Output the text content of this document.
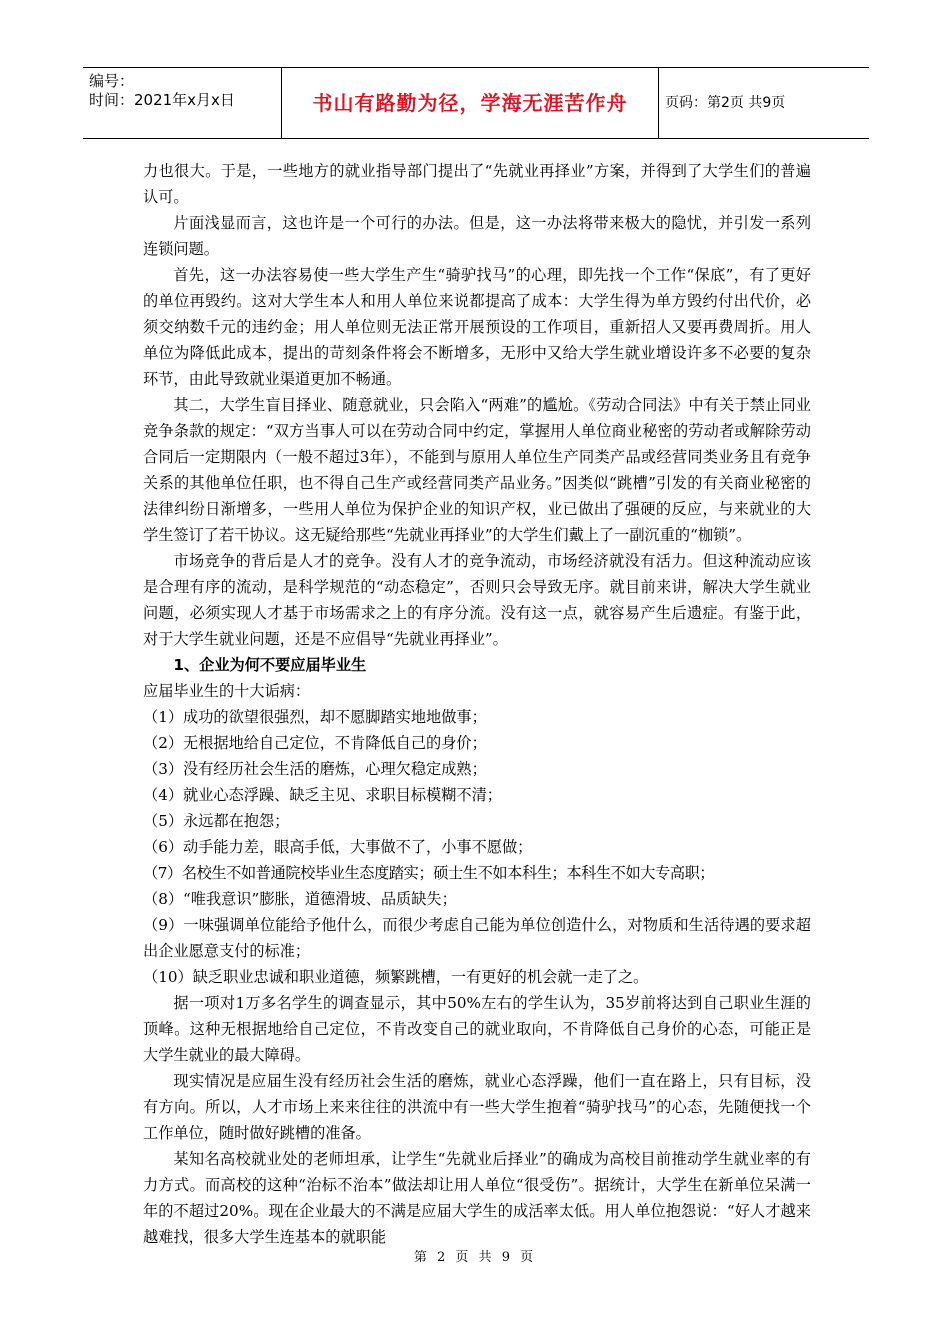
编号：
时间：2021年x月x日	书山有路勤为径，学海无涯苦作舟	页码：第2页 共9页

力也很大。于是，一些地方的就业指导部门提出了“先就业再择业”方案，并得到了大学生们的普遍认可。

片面浅显而言，这也许是一个可行的办法。但是，这一办法将带来极大的隐忧，并引发一系列连锁问题。

首先，这一办法容易使一些大学生产生“骑驴找马”的心理，即先找一个工作“保底”，有了更好的单位再毁约。这对大学生本人和用人单位来说都提高了成本：大学生得为单方毁约付出代价，必须交纳数千元的违约金；用人单位则无法正常开展预设的工作项目，重新招人又要再费周折。用人单位为降低此成本，提出的苛刻条件将会不断增多，无形中又给大学生就业增设许多不必要的复杂环节，由此导致就业渠道更加不畅通。

其二，大学生盲目择业、随意就业，只会陷入“两难”的尴尬。《劳动合同法》中有关于禁止同业竞争条款的规定：“双方当事人可以在劳动合同中约定，掌握用人单位商业秘密的劳动者或解除劳动合同后一定期限内（一般不超过3年），不能到与原用人单位生产同类产品或经营同类业务且有竞争关系的其他单位任职，也不得自己生产或经营同类产品业务。”因类似“跳槽”引发的有关商业秘密的法律纠纷日渐增多，一些用人单位为保护企业的知识产权，业已做出了强硬的反应，与来就业的大学生签订了若干协议。这无疑给那些“先就业再择业”的大学生们戴上了一副沉重的“枷锁”。

市场竞争的背后是人才的竞争。没有人才的竞争流动，市场经济就没有活力。但这种流动应该是合理有序的流动，是科学规范的“动态稳定”，否则只会导致无序。就目前来讲，解决大学生就业问题，必须实现人才基于市场需求之上的有序分流。没有这一点，就容易产生后遗症。有鉴于此，对于大学生就业问题，还是不应倡导“先就业再择业”。

1、企业为何不要应届毕业生

应届毕业生的十大诟病：

（1）成功的欲望很强烈，却不愿脚踏实地地做事；

（2）无根据地给自己定位，不肯降低自己的身价；

（3）没有经历社会生活的磨炼，心理欠稳定成熟；

（4）就业心态浮躁、缺乏主见、求职目标模糊不清；

（5）永远都在抱怨；

（6）动手能力差，眼高手低，大事做不了，小事不愿做；

（7）名校生不如普通院校毕业生态度踏实；硕士生不如本科生；本科生不如大专高职；

（8）“唯我意识”膨胀，道德滑坡、品质缺失；

（9）一味强调单位能给予他什么，而很少考虑自己能为单位创造什么，对物质和生活待遇的要求超出企业愿意支付的标准；

（10）缺乏职业忠诚和职业道德，频繁跳槽，一有更好的机会就一走了之。

据一项对1万多名学生的调查显示，其中50%左右的学生认为，35岁前将达到自己职业生涯的顶峰。这种无根据地给自己定位，不肯改变自己的就业取向，不肯降低自己身价的心态，可能正是大学生就业的最大障碍。

现实情况是应届生没有经历社会生活的磨炼，就业心态浮躁，他们一直在路上，只有目标，没有方向。所以，人才市场上来来往往的洪流中有一些大学生抱着“骑驴找马”的心态，先随便找一个工作单位，随时做好跳槽的准备。

某知名高校就业处的老师坦承，让学生“先就业后择业”的确成为高校目前推动学生就业率的有力方式。而高校的这种“治标不治本”做法却让用人单位“很受伤”。据统计，大学生在新单位呆满一年的不超过20%。现在企业最大的不满是应届大学生的成活率太低。用人单位抱怨说：“好人才越来越难找，很多大学生连基本的就职能

第 2 页 共 9 页
